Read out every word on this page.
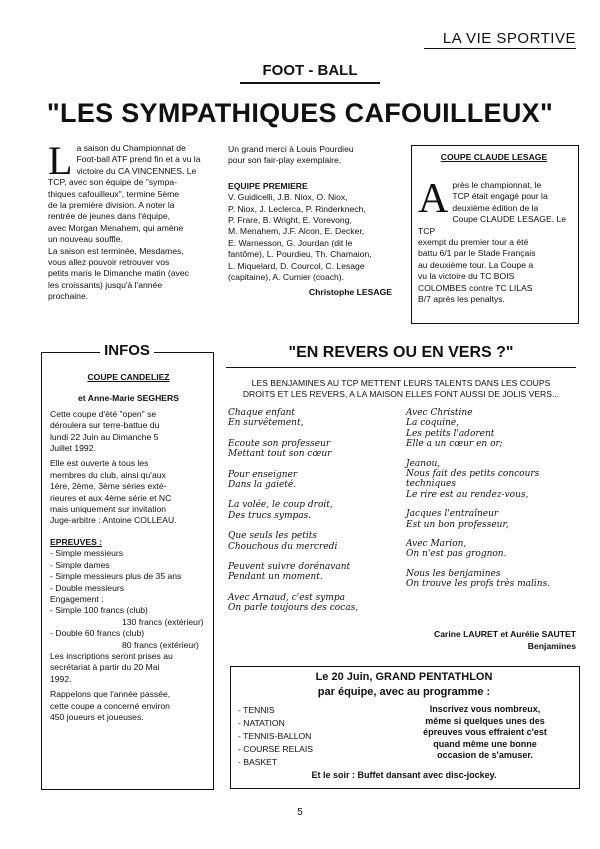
LA VIE SPORTIVE
FOOT - BALL
"LES SYMPATHIQUES CAFOUILLEUX"
L a saison du Championnat de
Foot-ball ATF prend fin et a vu la
victoire du CA VINCENNES. Le
TCP, avec son équipe de "sympa-
thiques cafouilleux", termine 5ème
de la première division. A noter la
rentrée de jeunes dans l'équipe,
avec Morgan Menahem, qui amène
un nouveau souffle.
La saison est terminée, Mesdames,
vous allez pouvoir retrouver vos
petits maris le Dimanche matin (avec
les croissants) jusqu'à l'année
prochaine.
Un grand merci à Louis Pourdieu
pour son fair-play exemplaire.
EQUIPE PREMIERE
V. Guidicelli, J.B. Niox, O. Niox,
P. Niox, J. Leclerca, P. Rinderknech,
P. Frare, B. Wright, E. Vorevong,
M. Menahem, J.F. Alcon, E. Decker,
E. Warnesson, G. Jourdan (dit le
fantôme), L. Pourdieu, Th. Chamaion,
L. Miquelard, D. Courcol, C. Lesage
(capitaine), A. Cumier (coach).
Christophe LESAGE
COUPE CLAUDE LESAGE
A près le championnat, le
TCP était engagé pour la
deuxième édition de la
Coupe CLAUDE LESAGE. Le TCP
exempt du premier tour a été
battu 6/1 par le Stade Français
au deuxième tour. La Coupe a
vu la victoire du TC BOIS
COLOMBES contre TC LILAS
B/7 après les penaltys.
INFOS
COUPE CANDELIEZ
et Anne-Marie SEGHERS
Cette coupe d'été "open" se
déroulera sur terre-battue du
lundi 22 Juin au Dimanche 5
Juillet 1992.
Elle est ouverte à tous les
membres du club, ainsi qu'aux
1ère, 2ème, 3ème séries exté-
rieures et aux 4ème série et NC
mais uniquement sur invitation
Juge-arbitre : Antoine COLLEAU.
EPREUVES :
- Simple messieurs
- Simple dames
- Simple messieurs plus de 35 ans
- Double messieurs
Engagement :
- Simple 100 francs (club)
130 francs (extérieur)
- Double 60 francs (club)
80 francs (extérieur)
Les inscriptions seront prises au
secrétariat à partir du 20 Mai
1992.
Rappelons que l'année passée,
cette coupe a concerné environ
450 joueurs et joueuses.
"EN REVERS OU EN VERS ?"
LES BENJAMINES AU TCP METTENT LEURS TALENTS DANS LES COUPS
DROITS ET LES REVERS, A LA MAISON ELLES FONT AUSSI DE JOLIS VERS...
Chaque enfant
En survêtement,
Ecoute son professeur
Mettant tout son cœur
Pour enseigner
Dans la gaieté.
La volée, le coup droit,
Des trucs sympas.
Que seuls les petits
Chouchous du mercredi
Peuvent suivre dorénavant
Pendant un moment.
Avec Arnaud, c'est sympa
On parle toujours des cocas,
Avec Christine
La coquine,
Les petits l'adorent
Elle a un cœur en or;
Jeanou,
Nous fait des petits concours techniques
Le rire est au rendez-vous,
Jacques l'entraîneur
Est un bon professeur,
Avec Marion,
On n'est pas grognon.
Nous les benjamines
On trouve les profs très malins.
Carine LAURET et Aurélie SAUTET
Benjamines
Le 20 Juin, GRAND PENTATHLON
par équipe, avec au programme :
- TENNIS
- NATATION
- TENNIS-BALLON
- COURSE RELAIS
- BASKET
Inscrivez vous nombreux,
même si quelques unes des
épreuves vous effraient c'est
quand même une bonne
occasion de s'amuser.
Et le soir : Buffet dansant avec disc-jockey.
5
